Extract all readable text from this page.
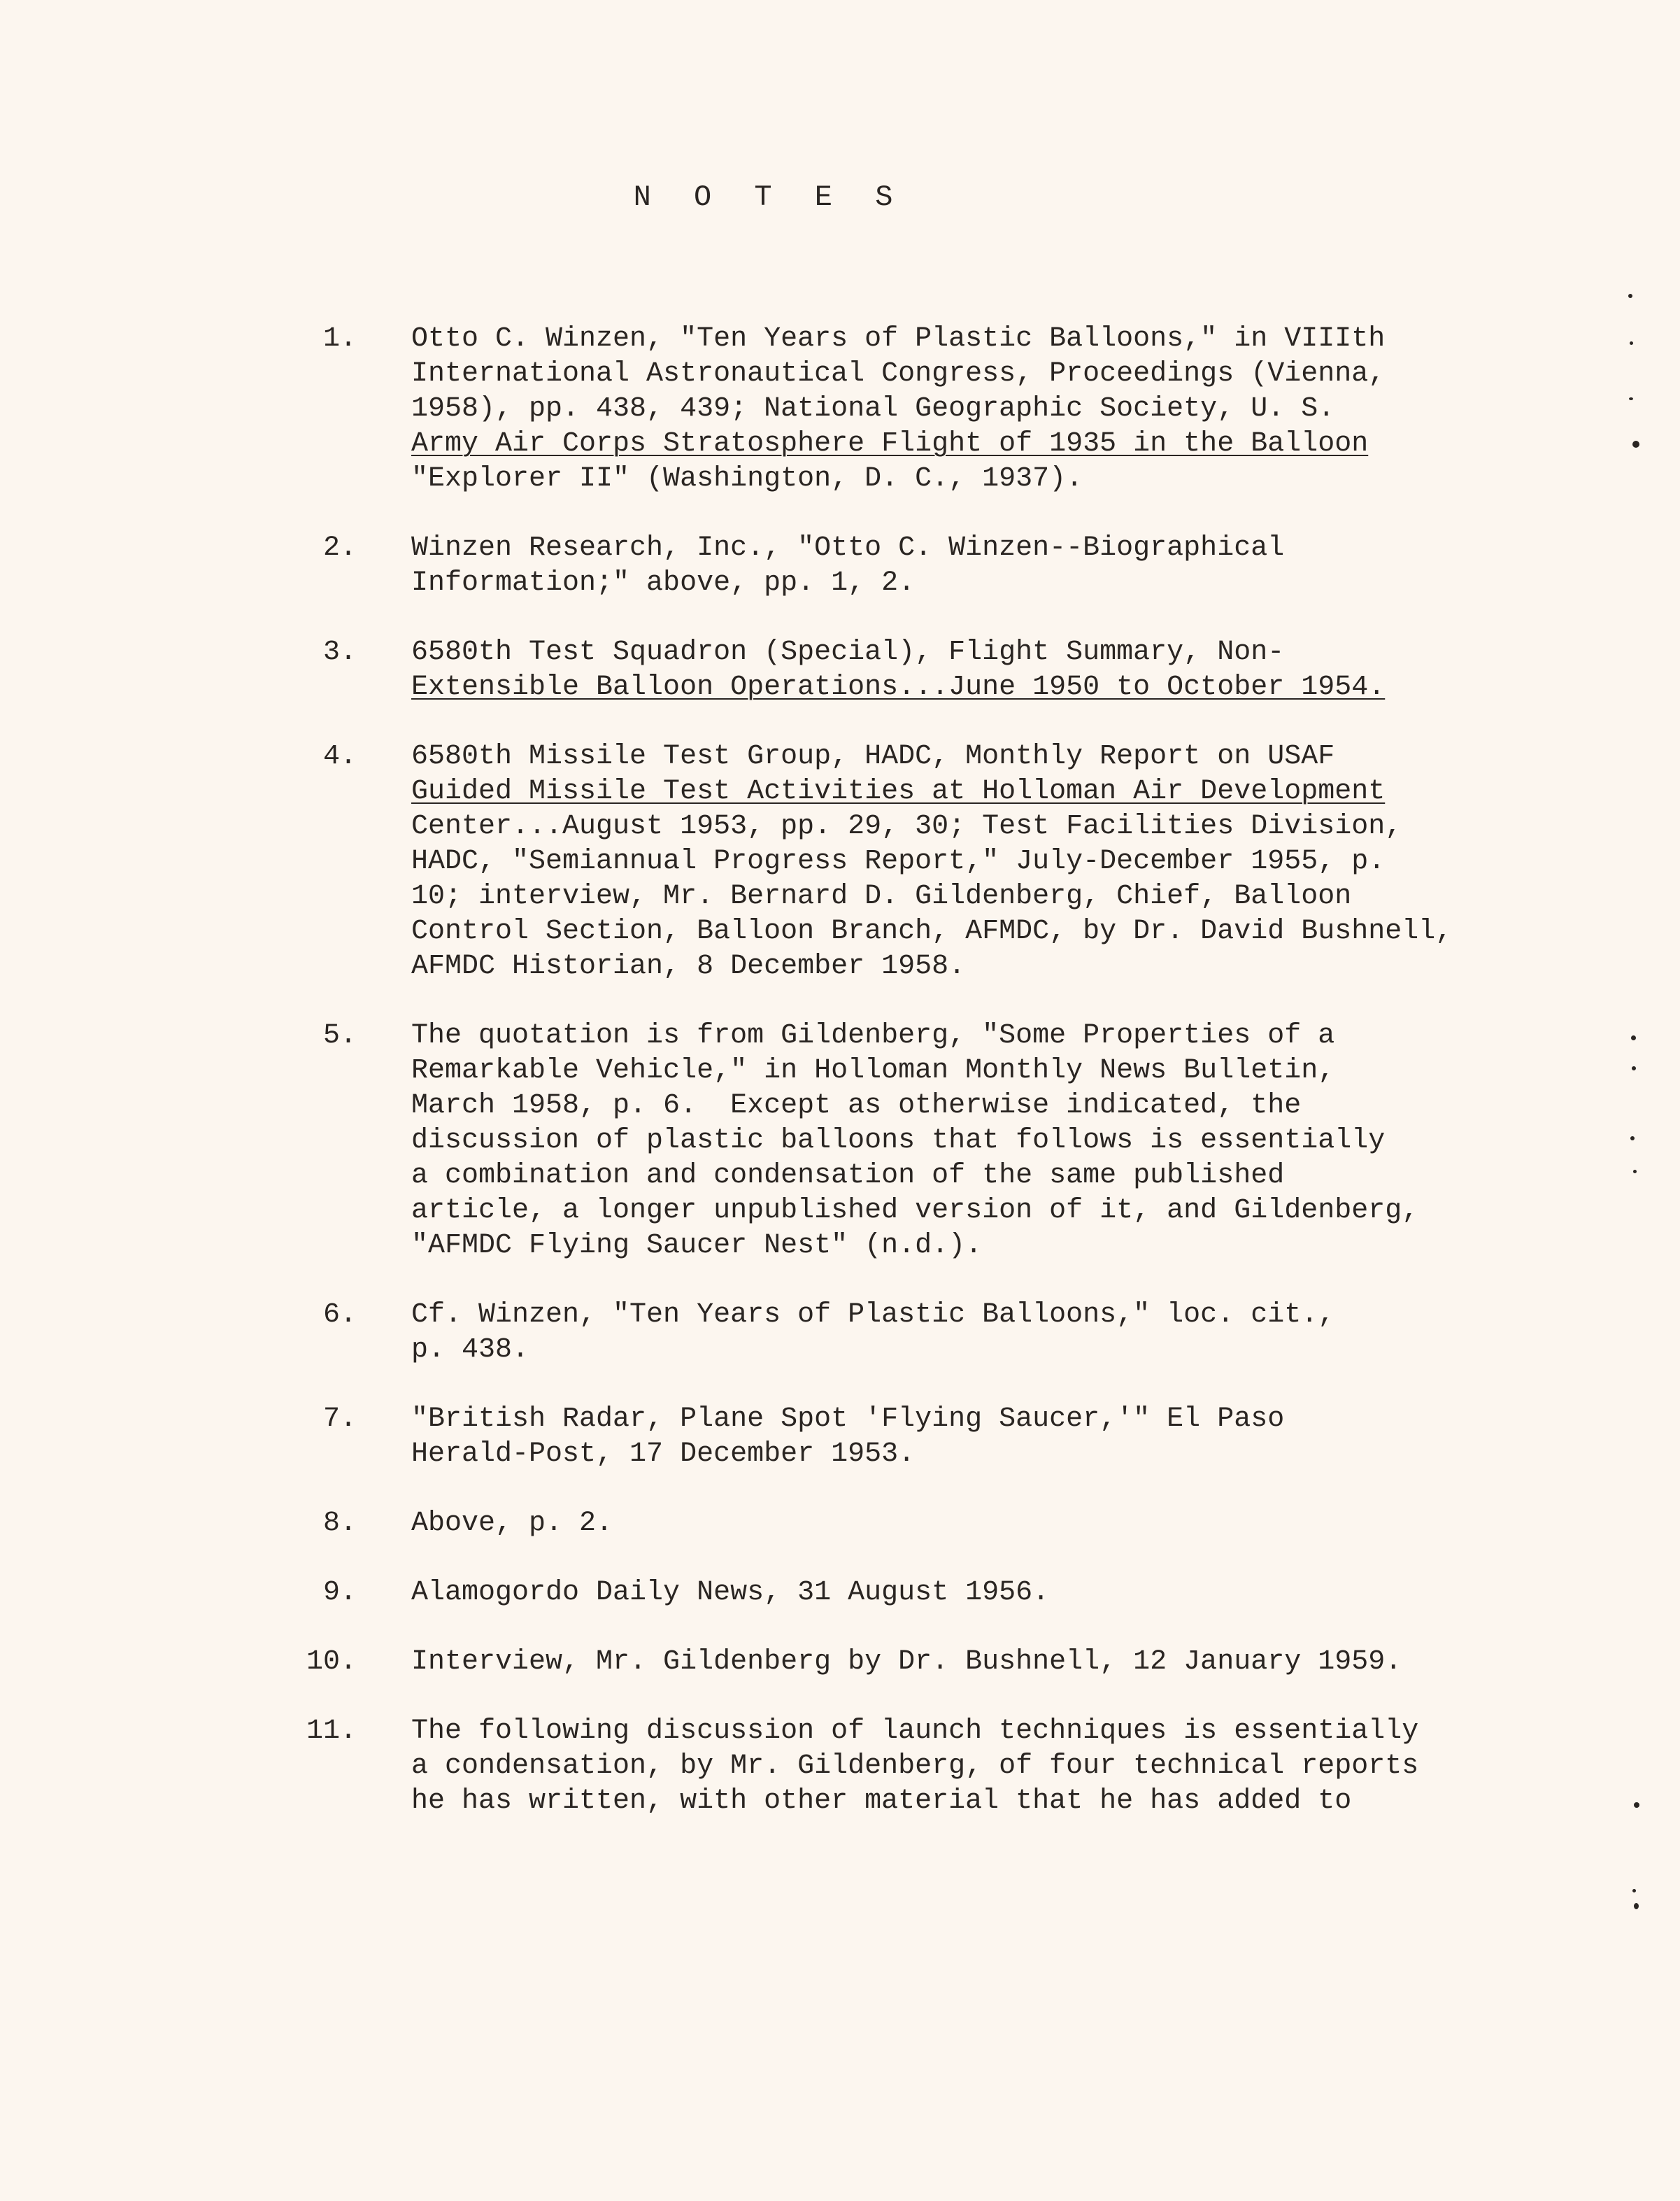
N O T E S
1.	Otto C. Winzen, "Ten Years of Plastic Balloons," in VIIIth
International Astronautical Congress, Proceedings (Vienna,
1958), pp. 438, 439; National Geographic Society, U. S.
Army Air Corps Stratosphere Flight of 1935 in the Balloon
"Explorer II" (Washington, D. C., 1937).
2.	Winzen Research, Inc., "Otto C. Winzen--Biographical
Information;" above, pp. 1, 2.
3.	6580th Test Squadron (Special), Flight Summary, Non-
Extensible Balloon Operations...June 1950 to October 1954.
4.	6580th Missile Test Group, HADC, Monthly Report on USAF
Guided Missile Test Activities at Holloman Air Development
Center...August 1953, pp. 29, 30; Test Facilities Division,
HADC, "Semiannual Progress Report," July-December 1955, p.
10; interview, Mr. Bernard D. Gildenberg, Chief, Balloon
Control Section, Balloon Branch, AFMDC, by Dr. David Bushnell,
AFMDC Historian, 8 December 1958.
5.	The quotation is from Gildenberg, "Some Properties of a
Remarkable Vehicle," in Holloman Monthly News Bulletin,
March 1958, p. 6.  Except as otherwise indicated, the
discussion of plastic balloons that follows is essentially
a combination and condensation of the same published
article, a longer unpublished version of it, and Gildenberg,
"AFMDC Flying Saucer Nest" (n.d.).
6.	Cf. Winzen, "Ten Years of Plastic Balloons," loc. cit.,
p. 438.
7.	"British Radar, Plane Spot 'Flying Saucer,'" El Paso
Herald-Post, 17 December 1953.
8.	Above, p. 2.
9.	Alamogordo Daily News, 31 August 1956.
10.	Interview, Mr. Gildenberg by Dr. Bushnell, 12 January 1959.
11.	The following discussion of launch techniques is essentially
a condensation, by Mr. Gildenberg, of four technical reports
he has written, with other material that he has added to
